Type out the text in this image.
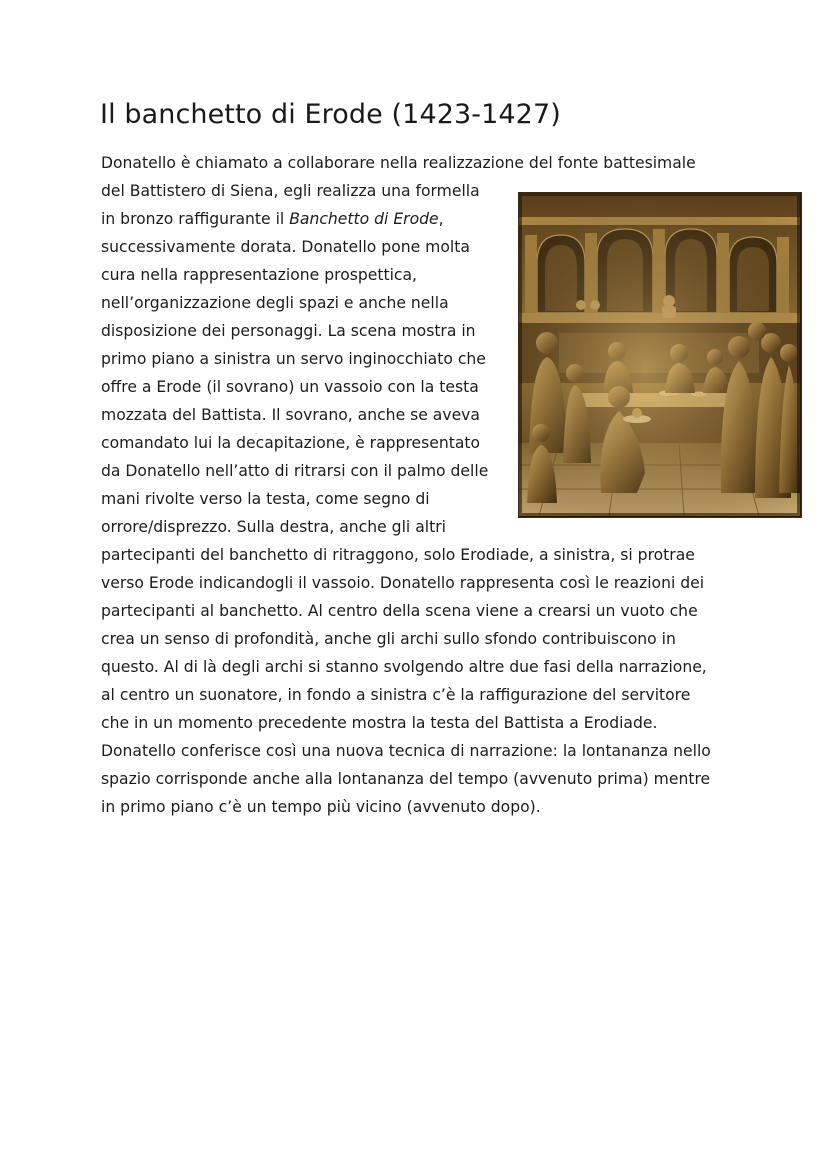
Il banchetto di Erode (1423-1427)
Donatello è chiamato a collaborare nella realizzazione del fonte battesimale
del Battistero di Siena, egli realizza una formella
in bronzo raffigurante il Banchetto di Erode,
successivamente dorata. Donatello pone molta
cura nella rappresentazione prospettica,
nell’organizzazione degli spazi e anche nella
disposizione dei personaggi. La scena mostra in
primo piano a sinistra un servo inginocchiato che
offre a Erode (il sovrano) un vassoio con la testa
mozzata del Battista. Il sovrano, anche se aveva
comandato lui la decapitazione, è rappresentato
da Donatello nell’atto di ritrarsi con il palmo delle
mani rivolte verso la testa, come segno di
orrore/disprezzo. Sulla destra, anche gli altri
partecipanti del banchetto di ritraggono, solo Erodiade, a sinistra, si protrae
verso Erode indicandogli il vassoio. Donatello rappresenta così le reazioni dei
partecipanti al banchetto. Al centro della scena viene a crearsi un vuoto che
crea un senso di profondità, anche gli archi sullo sfondo contribuiscono in
questo. Al di là degli archi si stanno svolgendo altre due fasi della narrazione,
al centro un suonatore, in fondo a sinistra c’è la raffigurazione del servitore
che in un momento precedente mostra la testa del Battista a Erodiade.
Donatello conferisce così una nuova tecnica di narrazione: la lontananza nello
spazio corrisponde anche alla lontananza del tempo (avvenuto prima) mentre
in primo piano c’è un tempo più vicino (avvenuto dopo).
